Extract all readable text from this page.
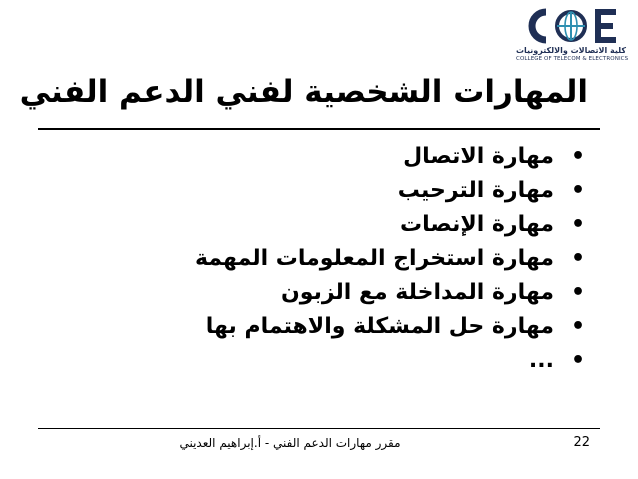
كلية الاتصالات والالكترونيات
COLLEGE OF TELECOM & ELECTRONICS
المهارات الشخصية لفني الدعم الفني
•
مهارة الاتصال
•
مهارة الترحيب
•
مهارة الإنصات
•
مهارة استخراج المعلومات المهمة
•
مهارة المداخلة مع الزبون
•
مهارة حل المشكلة والاهتمام بها
•
...
مقرر مهارات الدعم الفني - أ.إبراهيم العديني	22
